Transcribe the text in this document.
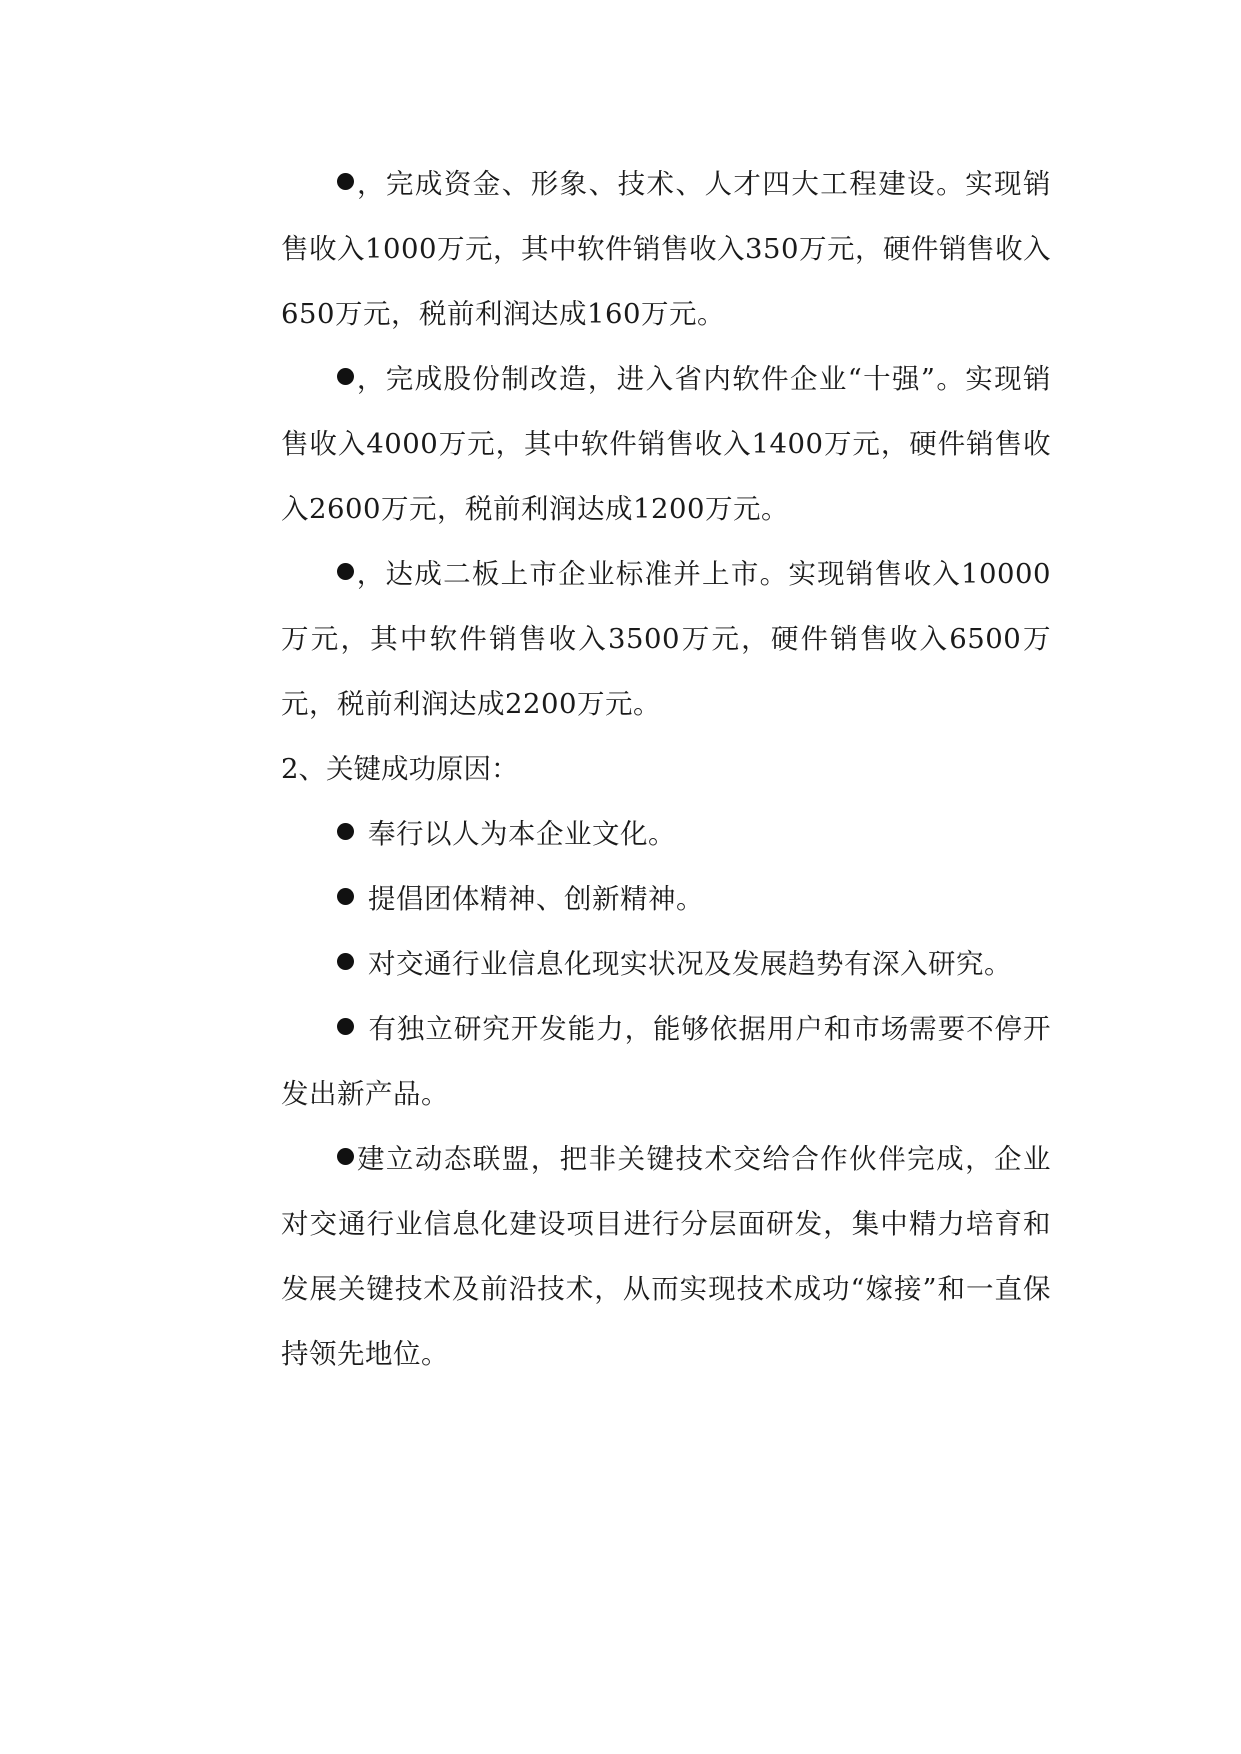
，完成资金、形象、技术、人才四大工程建设。实现销售收入1000万元，其中软件销售收入350万元，硬件销售收入650万元，税前利润达成160万元。

，完成股份制改造，进入省内软件企业“十强”。实现销售收入4000万元，其中软件销售收入1400万元，硬件销售收入2600万元，税前利润达成1200万元。

，达成二板上市企业标准并上市。实现销售收入10000万元，其中软件销售收入3500万元，硬件销售收入6500万元，税前利润达成2200万元。

2、关键成功原因：

奉行以人为本企业文化。

提倡团体精神、创新精神。

对交通行业信息化现实状况及发展趋势有深入研究。

有独立研究开发能力，能够依据用户和市场需要不停开发出新产品。

建立动态联盟，把非关键技术交给合作伙伴完成，企业对交通行业信息化建设项目进行分层面研发，集中精力培育和发展关键技术及前沿技术，从而实现技术成功“嫁接”和一直保持领先地位。
